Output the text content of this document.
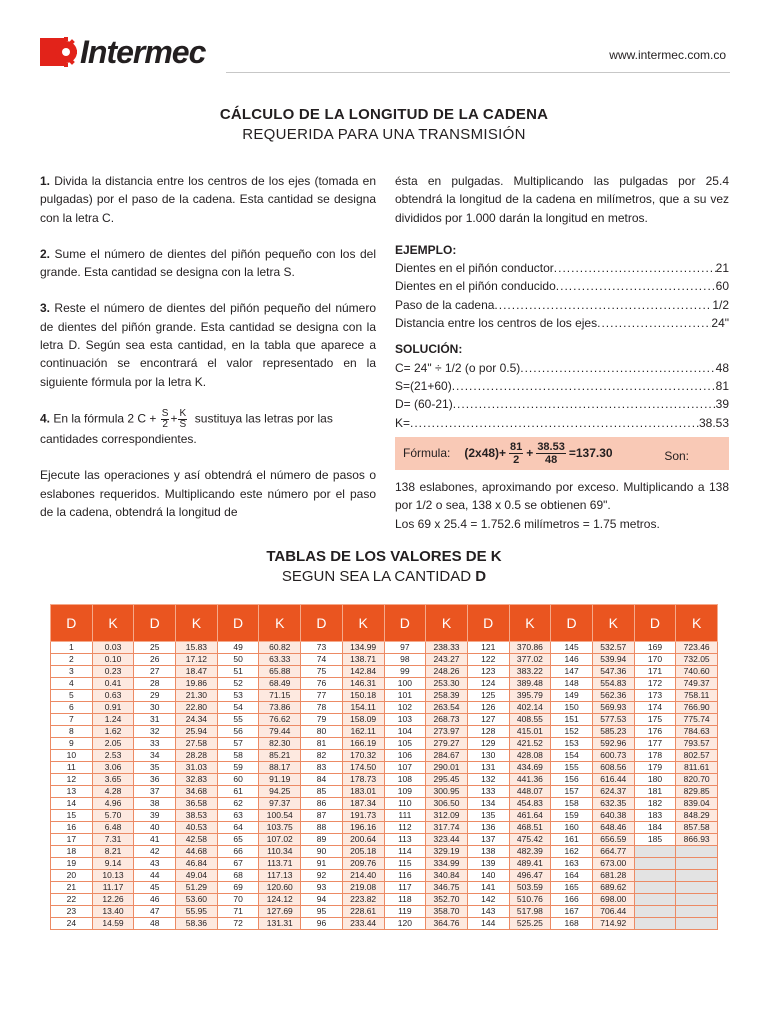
Intermec	www.intermec.com.co
CÁLCULO DE LA LONGITUD DE LA CADENA
REQUERIDA PARA UNA TRANSMISIÓN

1. Divida la distancia entre los centros de los ejes (tomada en pulgadas) por el paso de la cadena. Esta cantidad se designa con la letra C.

2. Sume el número de dientes del piñón pequeño con los del grande. Esta cantidad se designa con la letra S.

3. Reste el número de dientes del piñón pequeño del número de dientes del piñón grande. Esta cantidad se designa con la letra D. Según sea esta cantidad, en la tabla que aparece a continuación se encontrará el valor representado en la siguiente fórmula por la letra K.

4. En la fórmula 2 $C + \frac{S}{2} + \frac{K}{S}$ sustituya las letras por las cantidades correspondientes.

Ejecute las operaciones y así obtendrá el número de pasos o eslabones requeridos. Multiplicando este número por el paso de la cadena, obtendrá la longitud de

ésta en pulgadas. Multiplicando las pulgadas por 25.4 obtendrá la longitud de la cadena en milímetros, que a su vez divididos por 1.000 darán la longitud en metros.
EJEMPLO:
Dientes en el piñón conductor .....	21
Dientes en el piñón conducido .....	60
Paso de la cadena .....	1/2
Distancia entre los centros de los ejes .....	24"
SOLUCIÓN:
C= 24" ÷ 1/2 (o por 0.5) .....	48
S=(21+60) .....	81
D= (60-21) .....	39
K= .....	38.53
Fórmula: $(2x48)+ \frac{81}{2} + \frac{38.53}{48} =137.30$	Son:
138 eslabones, aproximando por exceso. Multiplicando a 138 por 1/2 o sea, 138 x 0.5 se obtienen 69".
Los 69 x 25.4 = 1.752.6 milímetros = 1.75 metros.
TABLAS DE LOS VALORES DE K
SEGUN SEA LA CANTIDAD D
D	K	D	K	D	K	D	K	D	K	D	K	D	K	D	K
1	0.03	25	15.83	49	60.82	73	134.99	97	238.33	121	370.86	145	532.57	169	723.46
2	0.10	26	17.12	50	63.33	74	138.71	98	243.27	122	377.02	146	539.94	170	732.05
3	0.23	27	18.47	51	65.88	75	142.84	99	248.26	123	383.22	147	547.36	171	740.60
4	0.41	28	19.86	52	68.49	76	146.31	100	253.30	124	389.48	148	554.83	172	749.37
5	0.63	29	21.30	53	71.15	77	150.18	101	258.39	125	395.79	149	562.36	173	758.11
6	0.91	30	22.80	54	73.86	78	154.11	102	263.54	126	402.14	150	569.93	174	766.90
7	1.24	31	24.34	55	76.62	79	158.09	103	268.73	127	408.55	151	577.53	175	775.74
8	1.62	32	25.94	56	79.44	80	162.11	104	273.97	128	415.01	152	585.23	176	784.63
9	2.05	33	27.58	57	82.30	81	166.19	105	279.27	129	421.52	153	592.96	177	793.57
10	2.53	34	28.28	58	85.21	82	170.32	106	284.67	130	428.08	154	600.73	178	802.57
11	3.06	35	31.03	59	88.17	83	174.50	107	290.01	131	434.69	155	608.56	179	811.61
12	3.65	36	32.83	60	91.19	84	178.73	108	295.45	132	441.36	156	616.44	180	820.70
13	4.28	37	34.68	61	94.25	85	183.01	109	300.95	133	448.07	157	624.37	181	829.85
14	4.96	38	36.58	62	97.37	86	187.34	110	306.50	134	454.83	158	632.35	182	839.04
15	5.70	39	38.53	63	100.54	87	191.73	111	312.09	135	461.64	159	640.38	183	848.29
16	6.48	40	40.53	64	103.75	88	196.16	112	317.74	136	468.51	160	648.46	184	857.58
17	7.31	41	42.58	65	107.02	89	200.64	113	323.44	137	475.42	161	656.59	185	866.93
18	8.21	42	44.68	66	110.34	90	205.18	114	329.19	138	482.39	162	664.77		
19	9.14	43	46.84	67	113.71	91	209.76	115	334.99	139	489.41	163	673.00		
20	10.13	44	49.04	68	117.13	92	214.40	116	340.84	140	496.47	164	681.28		
21	11.17	45	51.29	69	120.60	93	219.08	117	346.75	141	503.59	165	689.62		
22	12.26	46	53.60	70	124.12	94	223.82	118	352.70	142	510.76	166	698.00		
23	13.40	47	55.95	71	127.69	95	228.61	119	358.70	143	517.98	167	706.44		
24	14.59	48	58.36	72	131.31	96	233.44	120	364.76	144	525.25	168	714.92		
